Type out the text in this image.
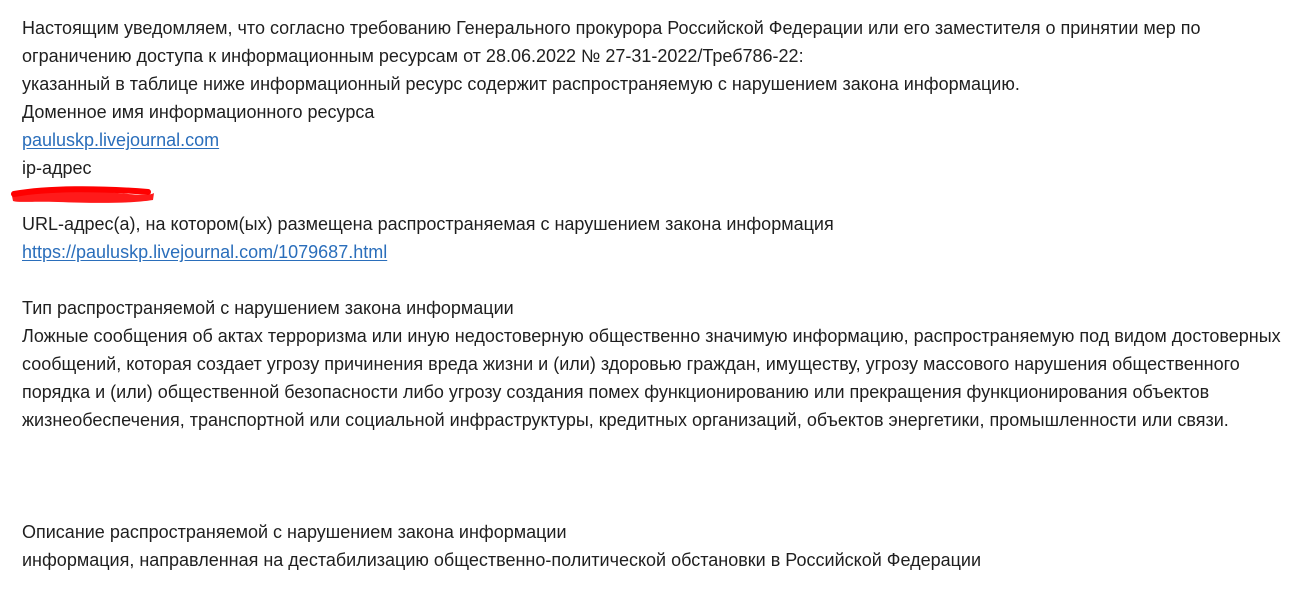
Настоящим уведомляем, что согласно требованию Генерального прокурора Российской Федерации или его заместителя о принятии мер по ограничению доступа к информационным ресурсам от 28.06.2022 № 27-31-2022/Треб786-22:
указанный в таблице ниже информационный ресурс содержит распространяемую с нарушением закона информацию.
Доменное имя информационного ресурса
pauluskp.livejournal.com
ip-адрес
URL-адрес(а), на котором(ых) размещена распространяемая с нарушением закона информация
https://pauluskp.livejournal.com/1079687.html
Тип распространяемой с нарушением закона информации
Ложные сообщения об актах терроризма или иную недостоверную общественно значимую информацию, распространяемую под видом достоверных сообщений, которая создает угрозу причинения вреда жизни и (или) здоровью граждан, имуществу, угрозу массового нарушения общественного порядка и (или) общественной безопасности либо угрозу создания помех функционированию или прекращения функционирования объектов жизнеобеспечения, транспортной или социальной инфраструктуры, кредитных организаций, объектов энергетики, промышленности или связи.
Описание распространяемой с нарушением закона информации
информация, направленная на дестабилизацию общественно-политической обстановки в Российской Федерации
